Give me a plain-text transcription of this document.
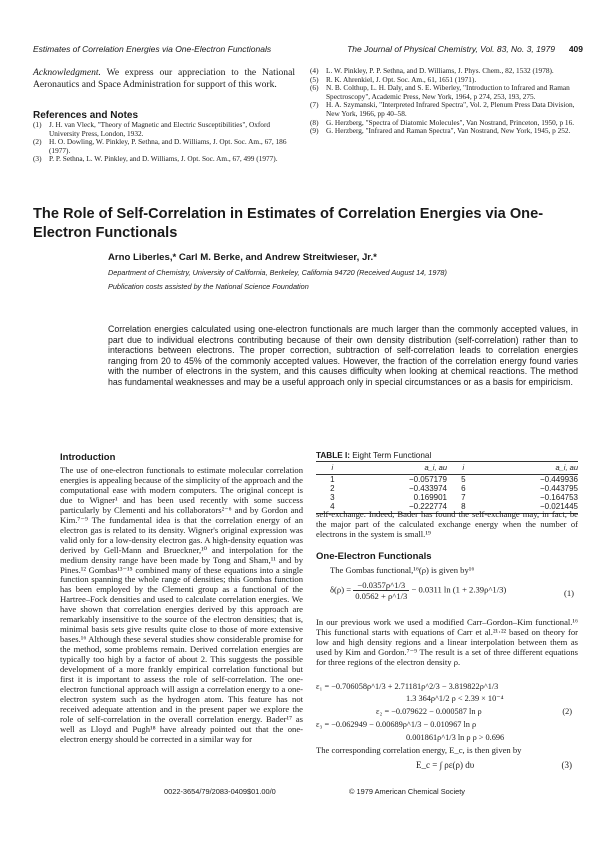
Estimates of Correlation Energies via One-Electron Functionals	The Journal of Physical Chemistry, Vol. 83, No. 3, 1979 409
Acknowledgment. We express our appreciation to the National Aeronautics and Space Administration for support of this work.
References and Notes
(1)	J. H. van Vleck, "Theory of Magnetic and Electric Susceptibilities", Oxford University Press, London, 1932.
(2)	H. O. Dowling, W. Pinkley, P. Sethna, and D. Williams, J. Opt. Soc. Am., 67, 186 (1977).
(3)	P. P. Sethna, L. W. Pinkley, and D. Williams, J. Opt. Soc. Am., 67, 499 (1977).
(4)	L. W. Pinkley, P. P. Sethna, and D. Williams, J. Phys. Chem., 82, 1532 (1978).
(5)	R. K. Ahrenkiel, J. Opt. Soc. Am., 61, 1651 (1971).
(6)	N. B. Colthup, L. H. Daly, and S. E. Wiberley, "Introduction to Infrared and Raman Spectroscopy", Academic Press, New York, 1964, p 274, 253, 193, 275.
(7)	H. A. Szymanski, "Interpreted Infrared Spectra", Vol. 2, Plenum Press Data Division, New York, 1966, pp 40–58.
(8)	G. Herzberg, "Spectra of Diatomic Molecules", Van Nostrand, Princeton, 1950, p 16.
(9)	G. Herzberg, "Infrared and Raman Spectra", Van Nostrand, New York, 1945, p 252.
The Role of Self-Correlation in Estimates of Correlation Energies via One-Electron Functionals
Arno Liberles,* Carl M. Berke, and Andrew Streitwieser, Jr.*
Department of Chemistry, University of California, Berkeley, California 94720 (Received August 14, 1978)
Publication costs assisted by the National Science Foundation
Correlation energies calculated using one-electron functionals are much larger than the commonly accepted values, in part due to individual electrons contributing because of their own density distribution (self-correlation) rather than to interactions between electrons. The proper correction, subtraction of self-correlation leads to correlation energies ranging from 20 to 45% of the commonly accepted values. However, the fraction of the correlation energy found varies with the number of electrons in the system, and this causes difficulty when looking at chemical reactions. The method has fundamental weaknesses and may be a useful approach only in special circumstances or as a basis for empiricism.
Introduction
The use of one-electron functionals to estimate molecular correlation energies is appealing because of the simplicity of the approach and the computational ease with modern computers. The original concept is due to Wigner¹ and has been used recently with some success particularly by Clementi and his collaborators²⁻⁶ and by Gordon and Kim.⁷⁻⁹ The fundamental idea is that the correlation energy of an electron gas is related to its density. Wigner's original expression was valid only for a low-density electron gas. A high-density equation was derived by Gell-Mann and Brueckner,¹⁰ and interpolation for the medium density range have been made by Tong and Sham,¹¹ and by Pines.¹² Gombas¹³⁻¹⁵ combined many of these equations into a single function spanning the whole range of densities; this Gombas function has been employed by the Clementi group as a functional of the Hartree–Fock densities and used to calculate correlation energies. We have shown that correlation energies derived by this approach are remarkably insensitive to the source of the electron densities; that is, minimal basis sets give results quite close to those of more extensive bases.¹⁶ Although these several studies show considerable promise for the method, some problems remain. Derived correlation energies are typically too high by a factor of about 2. This suggests the possible development of a more frankly empirical correlation functional but first it is important to assess the role of self-correlation. The one-electron functional approach will assign a correlation energy to a one-electron system such as the hydrogen atom. This feature has not received adequate attention and in the present paper we explore the role of self-correlation in the overall correlation energy. Bader¹⁷ as well as Lloyd and Pugh¹⁸ have already pointed out that the one-electron energy should be corrected in a similar way for
TABLE I: Eight Term Functional
i	a_i, au	i	a_i, au
1	−0.057179	5	−0.449936
2	−0.433974	6	−0.443795
3	0.169901	7	−0.164753
4	−0.222774	8	−0.021445
self-exchange. Indeed, Bader has found the self-exchange may, in fact, be the major part of the calculated exchange energy when the number of electrons in the system is small.¹⁹
One-Electron Functionals
The Gombas functional,¹⁶(ρ) is given by¹⁶
$\delta(\rho) = \frac{-0.0357\rho\^{}1/3}{0.0562 + \rho\^{}1/3} - 0.0311$ ln (1 + 2.39ρ^1/3)	(1)
In our previous work we used a modified Carr–Gordon–Kim functional.¹⁶ This functional starts with equations of Carr et al.²¹·²² based on theory for low and high density regions and a linear interpolation between them as used by Kim and Gordon.⁷⁻⁹ The result is a set of three different equations for three regions of the electron density ρ.
ε₁ = −0.706058ρ^1/3 + 2.71181ρ^2/3 − 3.819822ρ^1/3
1.3 364ρ^1/2 ρ < 2.39 × 10⁻⁴
ε₂ = −0.079622 − 0.000587 ln ρ	(2)
ε₃ = −0.062949 − 0.00689ρ^1/3 − 0.010967 ln ρ
0.001861ρ^1/3 ln ρ ρ > 0.696
The corresponding correlation energy, E_c, is then given by
E_c = ∫ ρε(ρ) dυ	(3)
0022-3654/79/2083-0409$01.00/0	© 1979 American Chemical Society
